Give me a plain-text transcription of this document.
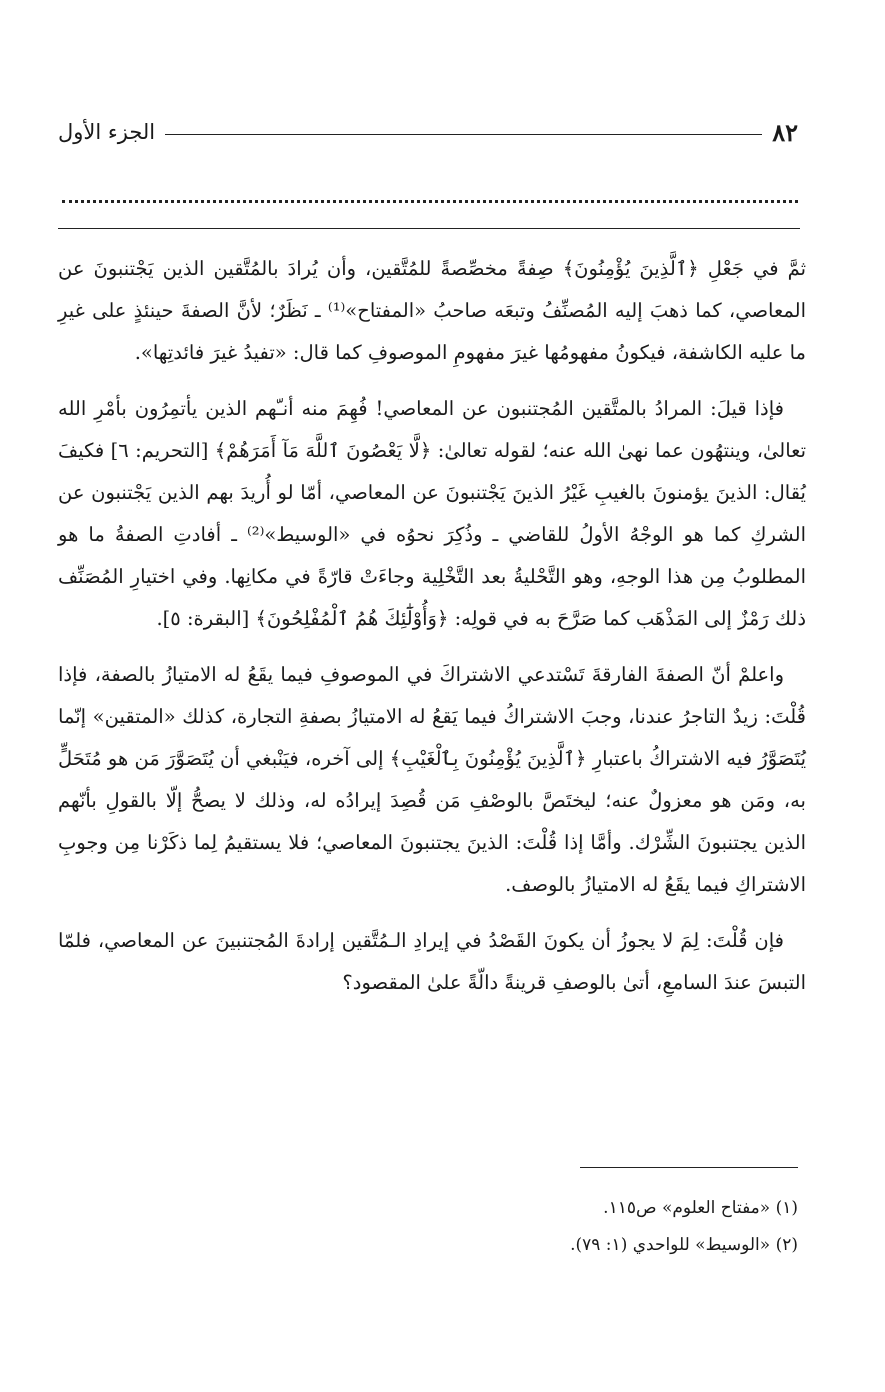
٨٢
الجزء الأول

ثمَّ في جَعْلِ ﴿ٱلَّذِينَ يُؤْمِنُونَ﴾ صِفةً مخصِّصةً للمُتَّقين، وأن يُرادَ بالمُتَّقين الذين يَجْتنبونَ عن المعاصي، كما ذهبَ إليه المُصنِّفُ وتبعَه صاحبُ «المفتاح»⁽¹⁾ ـ نَظَرٌ؛ لأنَّ الصفةَ حينئذٍ على غيرِ ما عليه الكاشفة، فيكونُ مفهومُها غيرَ مفهومِ الموصوفِ كما قال: «تفيدُ غيرَ فائدتِها».

فإذا قيلَ: المرادُ بالمتَّقين المُجتنبون عن المعاصي! فُهِمَ منه أنـّهم الذين يأتمِرُون بأمْرِ الله تعالىٰ، وينتهُون عما نهىٰ الله عنه؛ لقوله تعالىٰ: ﴿لَّا يَعْصُونَ ٱللَّهَ مَآ أَمَرَهُمْ﴾ [التحريم: ٦] فكيفَ يُقال: الذينَ يؤمنونَ بالغيبِ غَيْرُ الذينَ يَجْتنبونَ عن المعاصي، أمّا لو أُريدَ بهم الذين يَجْتنبون عن الشركِ كما هو الوجْهُ الأولُ للقاضي ـ وذُكِرَ نحوُه في «الوسيط»⁽²⁾ ـ أفادتِ الصفةُ ما هو المطلوبُ مِن هذا الوجهِ، وهو التَّحْليةُ بعد التَّخْلِية وجاءَتْ قارّةً في مكانِها. وفي اختيارِ المُصَنِّف ذلك رَمْزٌ إلى المَذْهَب كما صَرَّحَ به في قولِه: ﴿وَأُوْلَٰٓئِكَ هُمُ ٱلْمُفْلِحُونَ﴾ [البقرة: ٥].

واعلمْ أنّ الصفةَ الفارقةَ تَسْتدعي الاشتراكَ في الموصوفِ فيما يقَعُ له الامتيازُ بالصفة، فإذا قُلْتَ: زيدٌ التاجرُ عندنا، وجبَ الاشتراكُ فيما يَقعُ له الامتيازُ بصفةِ التجارة، كذلك «المتقين» إنّما يُتَصَوَّرُ فيه الاشتراكُ باعتبارِ ﴿ٱلَّذِينَ يُؤْمِنُونَ بِٱلْغَيْبِ﴾ إلى آخره، فيَنْبغي أن يُتَصَوَّرَ مَن هو مُتَحَلٍّ به، ومَن هو معزولٌ عنه؛ ليختَصَّ بالوصْفِ مَن قُصِدَ إيرادُه له، وذلك لا يصحُّ إلّا بالقولِ بأنّهم الذين يجتنبونَ الشِّرْك. وأمَّا إذا قُلْتَ: الذينَ يجتنبونَ المعاصي؛ فلا يستقيمُ لِما ذكَرْنا مِن وجوبِ الاشتراكِ فيما يقَعُ له الامتيازُ بالوصف.

فإن قُلْتَ: لِمَ لا يجوزُ أن يكونَ القَصْدُ في إيرادِ الـمُتَّقين إرادةَ المُجتنبينَ عن المعاصي، فلمّا التبسَ عندَ السامعِ، أتىٰ بالوصفِ قرينةً دالّةً علىٰ المقصود؟

(١) «مفتاح العلوم» ص١١٥.

(٢) «الوسيط» للواحدي (١: ٧٩).
